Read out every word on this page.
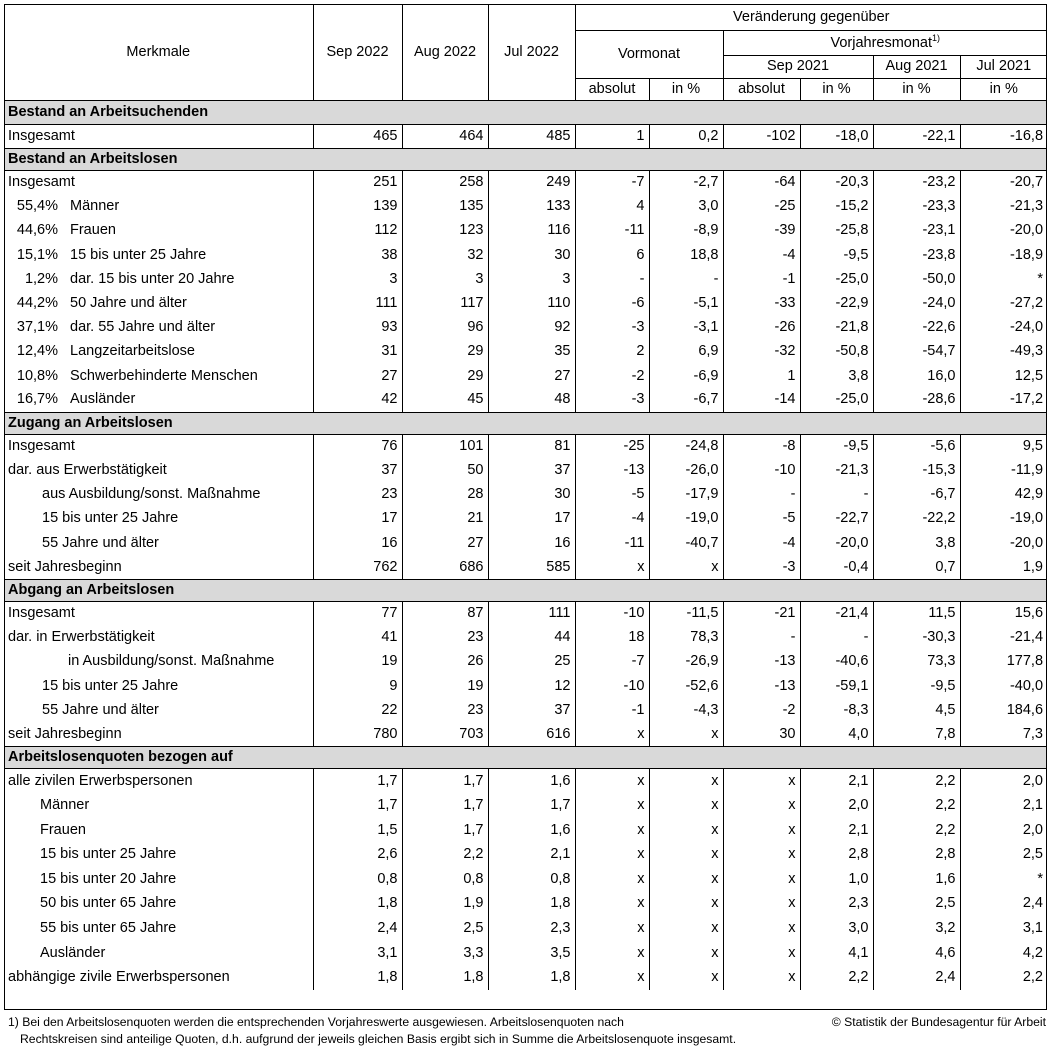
Merkmale	Sep 2022	Aug 2022	Jul 2022	Veränderung gegenüber					
				Vormonat		Vorjahresmonat$^{1)}$
						Sep 2021		Aug 2021	Jul 2021
				absolut	in %	absolut	in %	in %	in %
Bestand an Arbeitsuchenden									
Insgesamt	465	464	485	1	0,2	-102	-18,0	-22,1	-16,8
Bestand an Arbeitslosen									
Insgesamt	251	258	249	-7	-2,7	-64	-20,3	-23,2	-20,7
55,4% Männer	139	135	133	4	3,0	-25	-15,2	-23,3	-21,3
44,6% Frauen	112	123	116	-11	-8,9	-39	-25,8	-23,1	-20,0
15,1% 15 bis unter 25 Jahre	38	32	30	6	18,8	-4	-9,5	-23,8	-18,9
1,2% dar. 15 bis unter 20 Jahre	3	3	3	-	-	-1	-25,0	-50,0	*
44,2% 50 Jahre und älter	111	117	110	-6	-5,1	-33	-22,9	-24,0	-27,2
37,1% dar. 55 Jahre und älter	93	96	92	-3	-3,1	-26	-21,8	-22,6	-24,0
12,4% Langzeitarbeitslose	31	29	35	2	6,9	-32	-50,8	-54,7	-49,3
10,8% Schwerbehinderte Menschen	27	29	27	-2	-6,9	1	3,8	16,0	12,5
16,7% Ausländer	42	45	48	-3	-6,7	-14	-25,0	-28,6	-17,2
Zugang an Arbeitslosen									
Insgesamt	76	101	81	-25	-24,8	-8	-9,5	-5,6	9,5
dar. aus Erwerbstätigkeit	37	50	37	-13	-26,0	-10	-21,3	-15,3	-11,9
aus Ausbildung/sonst. Maßnahme	23	28	30	-5	-17,9	-	-	-6,7	42,9
15 bis unter 25 Jahre	17	21	17	-4	-19,0	-5	-22,7	-22,2	-19,0
55 Jahre und älter	16	27	16	-11	-40,7	-4	-20,0	3,8	-20,0
seit Jahresbeginn	762	686	585	x	x	-3	-0,4	0,7	1,9
Abgang an Arbeitslosen									
Insgesamt	77	87	111	-10	-11,5	-21	-21,4	11,5	15,6
dar. in Erwerbstätigkeit	41	23	44	18	78,3	-	-	-30,3	-21,4
in Ausbildung/sonst. Maßnahme	19	26	25	-7	-26,9	-13	-40,6	73,3	177,8
15 bis unter 25 Jahre	9	19	12	-10	-52,6	-13	-59,1	-9,5	-40,0
55 Jahre und älter	22	23	37	-1	-4,3	-2	-8,3	4,5	184,6
seit Jahresbeginn	780	703	616	x	x	30	4,0	7,8	7,3
Arbeitslosenquoten bezogen auf									
alle zivilen Erwerbspersonen	1,7	1,7	1,6	x	x	x	2,1	2,2	2,0
Männer	1,7	1,7	1,7	x	x	x	2,0	2,2	2,1
Frauen	1,5	1,7	1,6	x	x	x	2,1	2,2	2,0
15 bis unter 25 Jahre	2,6	2,2	2,1	x	x	x	2,8	2,8	2,5
15 bis unter 20 Jahre	0,8	0,8	0,8	x	x	x	1,0	1,6	*
50 bis unter 65 Jahre	1,8	1,9	1,8	x	x	x	2,3	2,5	2,4
55 bis unter 65 Jahre	2,4	2,5	2,3	x	x	x	3,0	3,2	3,1
Ausländer	3,1	3,3	3,5	x	x	x	4,1	4,6	4,2
abhängige zivile Erwerbspersonen	1,8	1,8	1,8	x	x	x	2,2	2,4	2,2
1) Bei den Arbeitslosenquoten werden die entsprechenden Vorjahreswerte ausgewiesen. Arbeitslosenquoten nach	© Statistik der Bundesagentur für Arbeit
Rechtskreisen sind anteilige Quoten, d.h. aufgrund der jeweils gleichen Basis ergibt sich in Summe die Arbeitslosenquote insgesamt.
